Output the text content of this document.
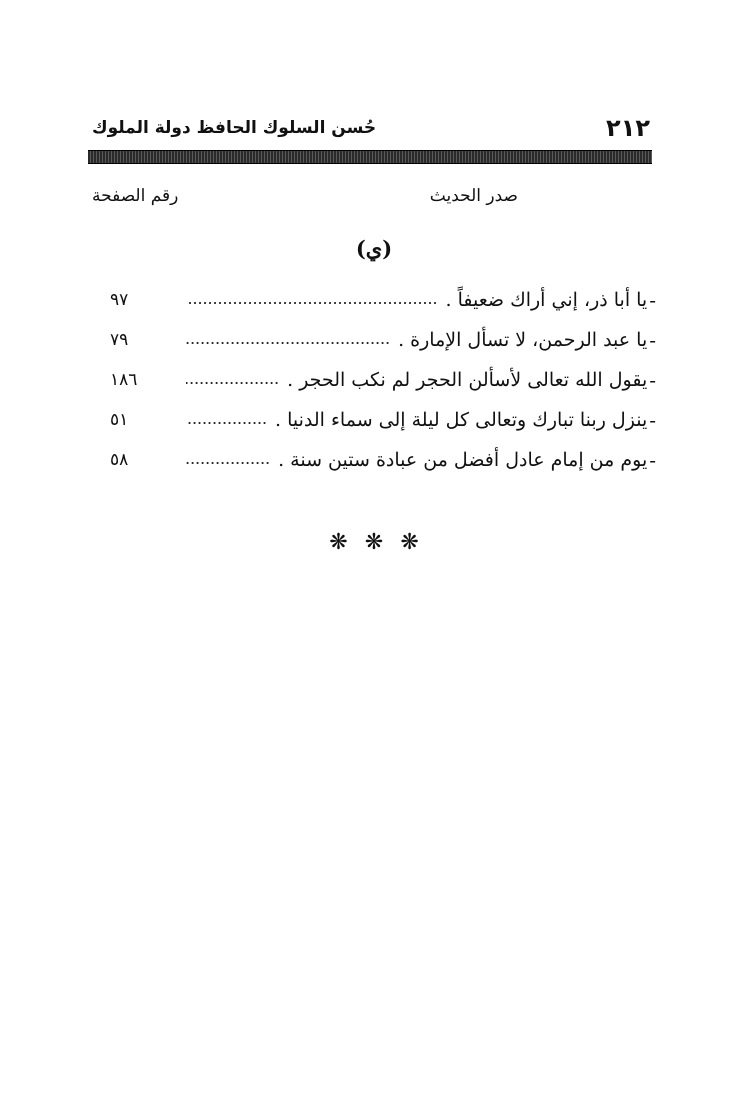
٢١٢
حُسن السلوك الحافظ دولة الملوك
صدر الحديث
رقم الصفحة
(ي)
-
يا أبا ذر، إني أراك ضعيفاً .
٩٧
-
يا عبد الرحمن، لا تسأل الإمارة .
٧٩
-
يقول الله تعالى لأسألن الحجر لم نكب الحجر .
١٨٦
-
ينزل ربنا تبارك وتعالى كل ليلة إلى سماء الدنيا .
٥١
-
يوم من إمام عادل أفضل من عبادة ستين سنة .
٥٨
❋ ❋ ❋
